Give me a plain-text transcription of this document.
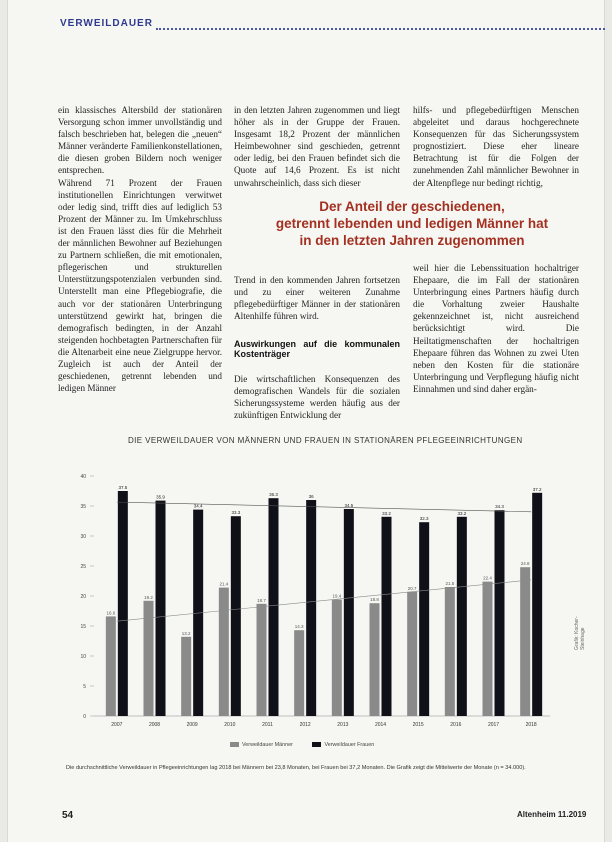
VERWEILDAUER
ein klassisches Altersbild der stationären Versorgung schon immer unvollständig und falsch beschrieben hat, belegen die „neuen“ Männer veränderte Familienkonstellationen, die diesen groben Bildern noch weniger entsprechen.
Während 71 Prozent der Frauen institutionellen Einrichtungen verwitwet oder ledig sind, trifft dies auf lediglich 53 Prozent der Männer zu. Im Umkehrschluss ist den Frauen lässt dies für die Mehrheit der männlichen Bewohner auf Beziehungen zu Partnern schließen, die mit emotionalen, pflegerischen und strukturellen Unterstützungspotenzialen verbunden sind. Unterstellt man eine Pflegebiografie, die auch vor der stationären Unterbringung unterstützend gewirkt hat, bringen die demografisch bedingten, in der Anzahl steigenden hochbetagten Partnerschaften für die Altenarbeit eine neue Zielgruppe hervor. Zugleich ist auch der Anteil der geschiedenen, getrennt lebenden und ledigen Männer
in den letzten Jahren zugenommen und liegt höher als in der Gruppe der Frauen. Insgesamt 18,2 Prozent der männlichen Heimbewohner sind geschieden, getrennt oder ledig, bei den Frauen befindet sich die Quote auf 14,6 Prozent. Es ist nicht unwahrscheinlich, dass sich dieser
hilfs- und pflegebedürftigen Menschen abgeleitet und daraus hochgerechnete Konsequenzen für das Sicherungssystem prognostiziert. Diese eher lineare Betrachtung ist für die Folgen der zunehmenden Zahl männlicher Bewohner in der Altenpflege nur bedingt richtig,
Der Anteil der geschiedenen,
getrennt lebenden und ledigen Männer hat
in den letzten Jahren zugenommen

Trend in den kommenden Jahren fortsetzen und zu einer weiteren Zunahme pflegebedürftiger Männer in der stationären Altenhilfe führen wird.

Auswirkungen auf die kommunalen Kostenträger

Die wirtschaftlichen Konsequenzen des demografischen Wandels für die sozialen Sicherungssysteme werden häufig aus der zukünftigen Entwicklung der

weil hier die Lebenssituation hochaltriger Ehepaare, die im Fall der stationären Unterbringung eines Partners häufig durch die Vorhaltung zweier Haushalte gekennzeichnet ist, nicht ausreichend berücksichtigt wird. Die Heiltatigmenschaften der hochaltrigen Ehepaare führen das Wohnen zu zwei Uten neben den Kosten für die stationäre Unterbringung und Verpflegung häufig nicht Einnahmen und sind daher ergän-
DIE VERWEILDAUER VON MÄNNERN UND FRAUEN IN STATIONÄREN PFLEGEEINRICHTUNGEN
0
5
10
15
20
25
30
35
40
16.6
37.5
2007
19.2
35.9
2008
13.2
34.4
2009
21.4
33.3
2010
18.7
36.3
2011
14.3
36
2012
19.4
34.5
2013
18.8
33.2
2014
20.7
32.3
2015
21.5
33.2
2016
22.4
34.3
2017
24.8
37.2
2018
Verweildauer Männer	Verweildauer Frauen
Die durchschnittliche Verweildauer in Pflegeeinrichtungen lag 2018 bei Männern bei 23,8 Monaten, bei Frauen bei 37,2 Monaten. Die Grafik zeigt die Mittelwerte der Monate (n = 34.000).
Grafik: Kocher-Steinhage
54	Altenheim 11.2019
